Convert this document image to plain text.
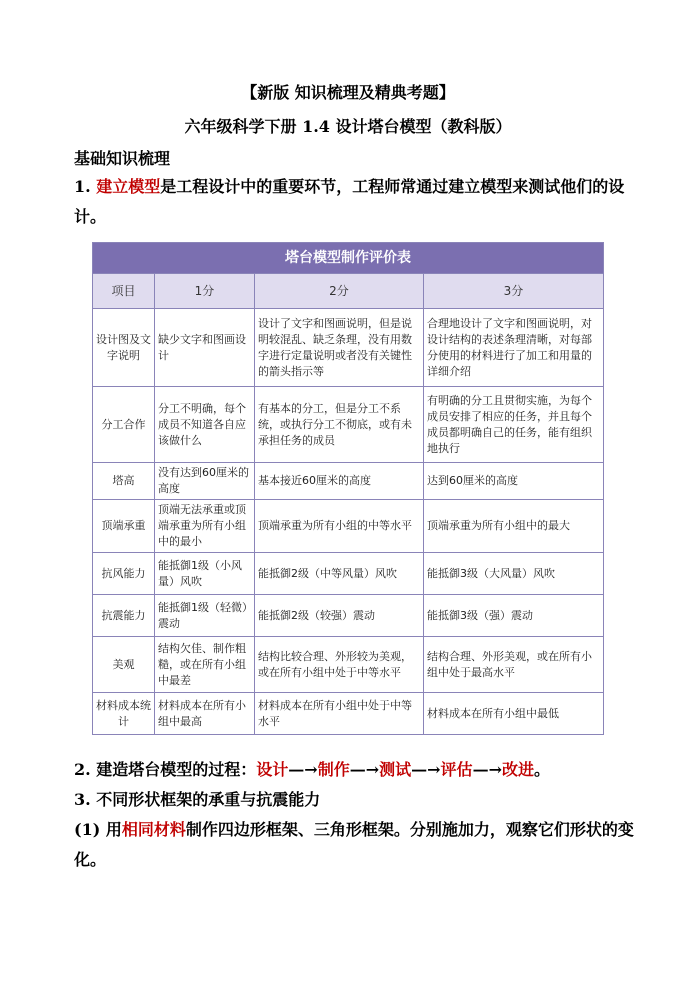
【新版 知识梳理及精典考题】
六年级科学下册 1.4 设计塔台模型（教科版）
基础知识梳理
1. 建立模型是工程设计中的重要环节，工程师常通过建立模型来测试他们的设计。
塔台模型制作评价表			
项目	1分	2分	3分
设计图及文字说明	缺少文字和图画设计	设计了文字和图画说明，但是说明较混乱、缺乏条理，没有用数字进行定量说明或者没有关键性的箭头指示等	合理地设计了文字和图画说明，对设计结构的表述条理清晰，对每部分使用的材料进行了加工和用量的详细介绍
分工合作	分工不明确，每个成员不知道各自应该做什么	有基本的分工，但是分工不系统，或执行分工不彻底，或有未承担任务的成员	有明确的分工且贯彻实施，为每个成员安排了相应的任务，并且每个成员都明确自己的任务，能有组织地执行
塔高	没有达到60厘米的高度	基本接近60厘米的高度	达到60厘米的高度
顶端承重	顶端无法承重或顶端承重为所有小组中的最小	顶端承重为所有小组的中等水平	顶端承重为所有小组中的最大
抗风能力	能抵御1级（小风量）风吹	能抵御2级（中等风量）风吹	能抵御3级（大风量）风吹
抗震能力	能抵御1级（轻微）震动	能抵御2级（较强）震动	能抵御3级（强）震动
美观	结构欠佳、制作粗糙，或在所有小组中最差	结构比较合理、外形较为美观，或在所有小组中处于中等水平	结构合理、外形美观，或在所有小组中处于最高水平
材料成本统计	材料成本在所有小组中最高	材料成本在所有小组中处于中等水平	材料成本在所有小组中最低
2. 建造塔台模型的过程：设计—→制作—→测试—→评估—→改进。
3. 不同形状框架的承重与抗震能力
(1) 用相同材料制作四边形框架、三角形框架。分别施加力，观察它们形状的变化。
